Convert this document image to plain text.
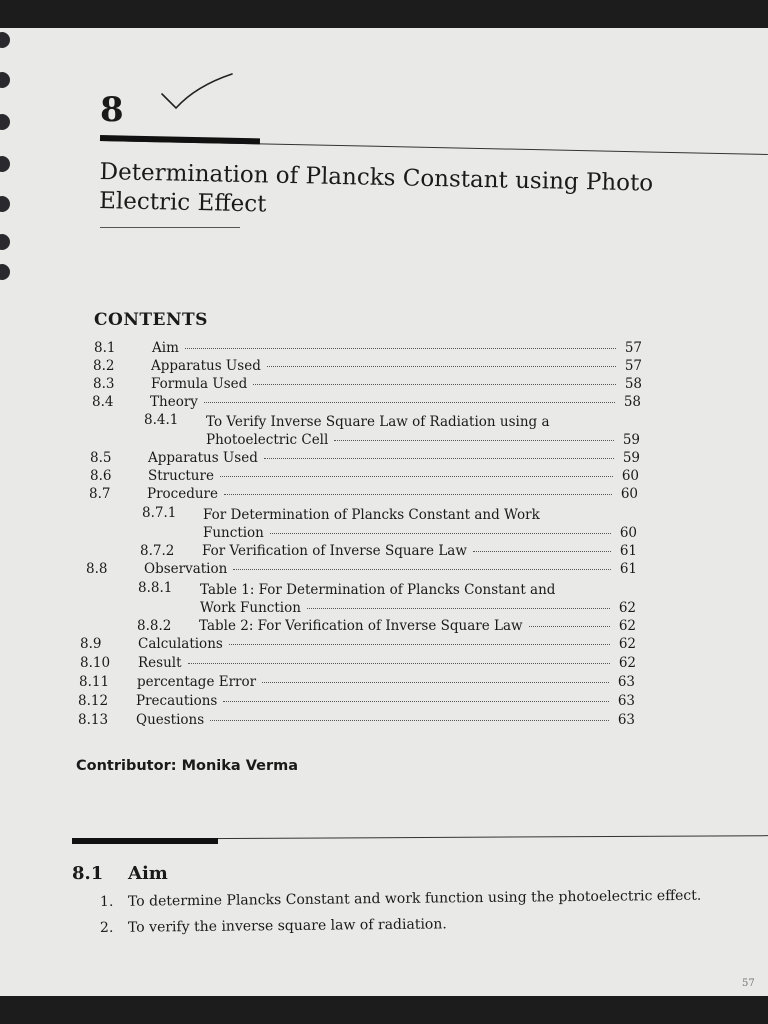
8
Determination of Plancks Constant using Photo
Electric Effect
CONTENTS
8.1	Aim	57
8.2	Apparatus Used	57
8.3	Formula Used	58
8.4	Theory	58
8.4.1 To Verify Inverse Square Law of Radiation using a
Photoelectric Cell	59
8.5	Apparatus Used	59
8.6	Structure	60
8.7	Procedure	60
8.7.1 For Determination of Plancks Constant and Work
Function	60
8.7.2	For Verification of Inverse Square Law	61
8.8	Observation	61
8.8.1 Table 1: For Determination of Plancks Constant and
Work Function	62
8.8.2	Table 2: For Verification of Inverse Square Law	62
8.9	Calculations	62
8.10	Result	62
8.11	percentage Error	63
8.12	Precautions	63
8.13	Questions	63
Contributor: Monika Verma
8.1 Aim
1. To determine Plancks Constant and work function using the photoelectric effect.
2. To verify the inverse square law of radiation.
57
